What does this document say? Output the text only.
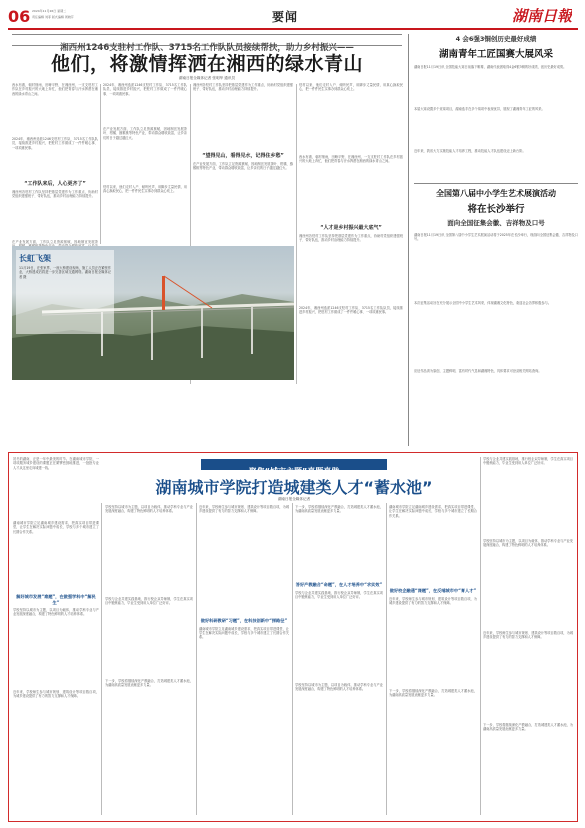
06 2024年11月26日 星期二
责任编辑 刘菲 版式编辑 周晓芹	要闻	湖南日報
湘西州1246支驻村工作队、3715名工作队队员接续帮扶，助力乡村振兴——
他们，将激情挥洒在湘西的绿水青山
湖南日报全媒体记者 张明华 通讯员
西水有惠，朝村细雨，田畴平野，在湘西州，一支支驻村工作队在乡村振兴的大地上奔忙，他们把青春与汗水挥洒在湘西的绿水青山之间。
2024年，湘西州选派1246支驻村工作队、3715名工作队队员，接续推进乡村振兴，把驻村工作做成了一件件暖心事、一项项惠民事。
“工作队来后，人心更齐了”
湘西州各驻村工作队坚持把基层党建作为工作重点，协助村党组织建强班子、带好队伍，推动乡村治理能力持续提升。
在产业发展方面，工作队立足资源禀赋，因地制宜发展茶
2024年，湘西州选派1246支驻村工作队、3715名工作队队员，接续推进乡村振兴，把驻村工作做成了一件件暖心事、一项项惠民事。
在产业发展方面，工作队立足资源禀赋，因地制宜发展茶叶、柑橘、猕猴桃等特色产业，带动群众增收致富，让乡亲们的日子越过越红火。
驻村以来，他们走村入户、倾听民声，用脚步丈量民情，用真心换取民心，把一件件民生实事办到群众心坎上。
湘西州各驻村工作队坚持把基层党建作为工作重点，协助村党组织建强班子、带好队伍，推动乡村治理能力持续提升。
“望得见山，看得见水，记得住乡愁”
在产业发展方面，工作队立足资源禀赋，因地制宜发展茶叶、柑橘、猕猴桃等特色产业，带动群众增收致富，让乡亲们的日子越过越红火。
驻村以来，他们走村入户、倾听民声，用脚步丈量民情，用真心换取民心，把一件件民生实事办到群众心坎上。
西水有惠，朝村细雨，田畴平野，在湘西州，一支支驻村工作队在乡村振兴的大地上奔忙，他们把青春与汗水挥洒在湘西的绿水青山之间。
“人才是乡村振兴最大底气”
湘西州各驻村工作队坚持把基层党建作为工作重点，协助村党组织建强班子、带好队伍，推动乡村治理能力持续提升。
2024年，湘西州选派1246支驻村工作队、3715名工作队队员，接续推进乡村振兴，把驻村工作做成了一件件暖心事、一项项惠民事。
长虹飞架
11月19日，在张家界，一座大桥建设现场，施工人员正在紧张作业，大桥建成后将进一步完善区域交通网络。湖南日报全媒体记者 摄
4 会6强3铜创历史最好成绩
湖南青年工匠国赛大展风采
湖南日报11月19日讯 全国技能大赛日前落下帷幕，湖南代表团取得4金6银3铜的好成绩，创历史最好成绩。
本届大赛设置多个竞赛项目，湖南选手在多个赛项中表现优异，展现了湖湘青年工匠的风采。
近年来，我省大力实施技能人才培养工程，推动技能人才队伍建设迈上新台阶。
全国第八届中小学生艺术展演活动
将在长沙举行
面向全国征集会徽、吉祥物及口号
湖南日报11月19日讯 全国第八届中小学生艺术展演活动将于2025年在长沙举行，现面向全国征集会徽、吉祥物及口号。
本次征集活动旨在充分展示全国中小学生艺术风采，体现湖湘文化特色，欢迎社会各界积极参与。
应征作品须为原创，主题鲜明，富有时代气息和湖湘特色，具体要求可登录相关网站查询。
聚焦“城市主题”真题真做
湖南城市学院打造城建类人才“蓄水池”
湖南日报全媒体记者
初冬的湖南，正是一年中最美的时节。在湖南城市学院，一项项服务城乡建设的课题正在紧锣密鼓地推进，一批批专业人才从这里走向城建一线。
湖南城市学院立足湖南城乡建设需求，把真实项目带进课堂，让学生在解决实际问题中成长，学校与多个城市建立了长期合作关系。
解好城市发展“难题”，在做强学科中“解民生”
学校坚持以城市为主题，以项目为载体，推动学科专业与产业发展深度融合，构建了特色鲜明的人才培养体系。
近年来，学校师生参与城市规划、建筑设计等项目数百项，为城乡建设提供了有力的智力支撑和人才保障。
学校坚持以城市为主题，以项目为载体，推动学科专业与产业发展深度融合，构建了特色鲜明的人才培养体系。
学校与企业共建实践基地，推行校企双导师制，学生在真实项目中锻炼能力，毕业生受到用人单位广泛好评。
下一步，学校将继续深化产教融合，打造城建类人才蓄水池，为湖南高质量发展贡献更多力量。
近年来，学校师生参与城市规划、建筑设计等项目数百项，为城乡建设提供了有力的智力支撑和人才保障。
做好科研教研“习题”，在科技创新中“探路径”
湖南城市学院立足湖南城乡建设需求，把真实项目带进课堂，让学生在解决实际问题中成长，学校与多个城市建立了长期合作关系。
下一步，学校将继续深化产教融合，打造城建类人才蓄水池，为湖南高质量发展贡献更多力量。
答好产教融合“命题”，在人才培养中“求实效”
学校与企业共建实践基地，推行校企双导师制，学生在真实项目中锻炼能力，毕业生受到用人单位广泛好评。
学校坚持以城市为主题，以项目为载体，推动学科专业与产业发展深度融合，构建了特色鲜明的人才培养体系。
湖南城市学院立足湖南城乡建设需求，把真实项目带进课堂，让学生在解决实际问题中成长，学校与多个城市建立了长期合作关系。
做好校企融通“课题”，在反哺城市中“育人才”
近年来，学校师生参与城市规划、建筑设计等项目数百项，为城乡建设提供了有力的智力支撑和人才保障。
下一步，学校将继续深化产教融合，打造城建类人才蓄水池，为湖南高质量发展贡献更多力量。
学校与企业共建实践基地，推行校企双导师制，学生在真实项目中锻炼能力，毕业生受到用人单位广泛好评。
学校坚持以城市为主题，以项目为载体，推动学科专业与产业发展深度融合，构建了特色鲜明的人才培养体系。
近年来，学校师生参与城市规划、建筑设计等项目数百项，为城乡建设提供了有力的智力支撑和人才保障。
下一步，学校将继续深化产教融合，打造城建类人才蓄水池，为湖南高质量发展贡献更多力量。
